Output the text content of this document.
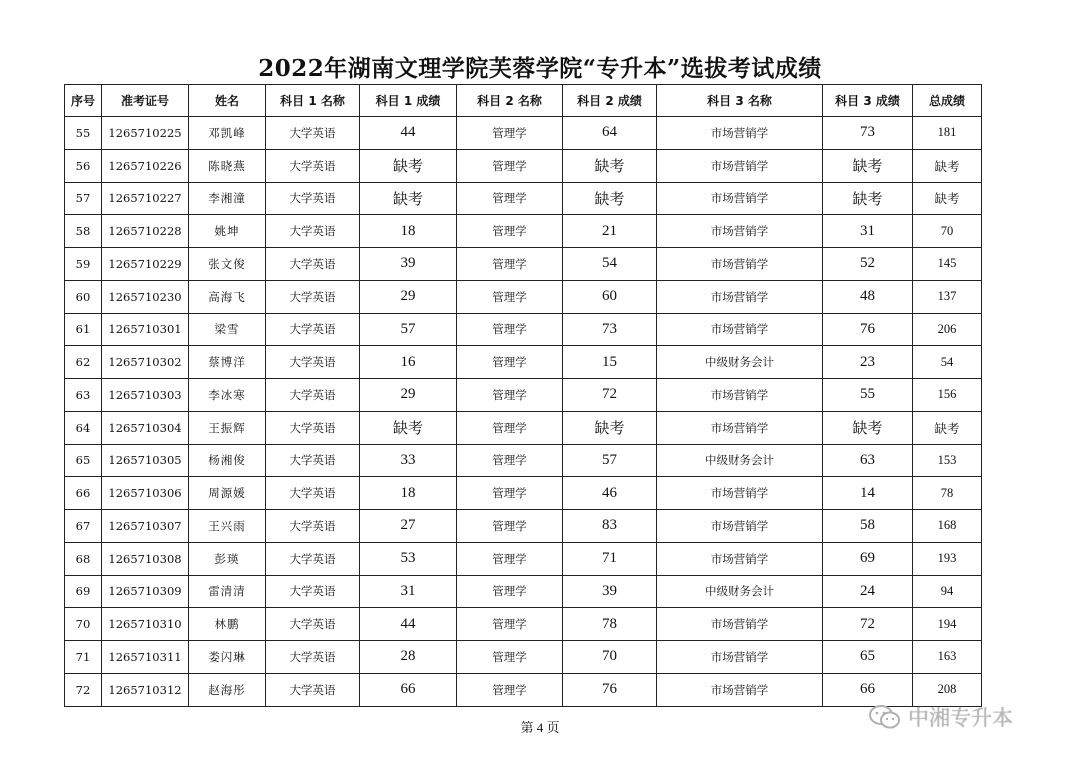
2022年湖南文理学院芙蓉学院“专升本”选拔考试成绩
序号	准考证号	姓名	科目 1 名称	科目 1 成绩	科目 2 名称	科目 2 成绩	科目 3 名称	科目 3 成绩	总成绩
55	1265710225	邓凯峰	大学英语	44	管理学	64	市场营销学	73	181
56	1265710226	陈晓燕	大学英语	缺考	管理学	缺考	市场营销学	缺考	缺考
57	1265710227	李湘潼	大学英语	缺考	管理学	缺考	市场营销学	缺考	缺考
58	1265710228	姚坤	大学英语	18	管理学	21	市场营销学	31	70
59	1265710229	张文俊	大学英语	39	管理学	54	市场营销学	52	145
60	1265710230	高海飞	大学英语	29	管理学	60	市场营销学	48	137
61	1265710301	梁雪	大学英语	57	管理学	73	市场营销学	76	206
62	1265710302	蔡博洋	大学英语	16	管理学	15	中级财务会计	23	54
63	1265710303	李冰寒	大学英语	29	管理学	72	市场营销学	55	156
64	1265710304	王振辉	大学英语	缺考	管理学	缺考	市场营销学	缺考	缺考
65	1265710305	杨湘俊	大学英语	33	管理学	57	中级财务会计	63	153
66	1265710306	周源媛	大学英语	18	管理学	46	市场营销学	14	78
67	1265710307	王兴雨	大学英语	27	管理学	83	市场营销学	58	168
68	1265710308	彭瑛	大学英语	53	管理学	71	市场营销学	69	193
69	1265710309	雷清清	大学英语	31	管理学	39	中级财务会计	24	94
70	1265710310	林鹏	大学英语	44	管理学	78	市场营销学	72	194
71	1265710311	娄闪琳	大学英语	28	管理学	70	市场营销学	65	163
72	1265710312	赵海彤	大学英语	66	管理学	76	市场营销学	66	208
第 4 页	中湘专升本
